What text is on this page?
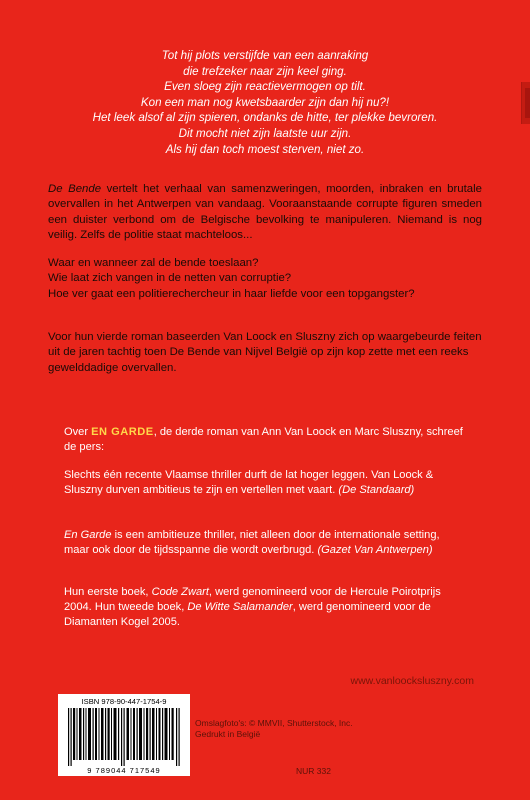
Tot hij plots verstijfde van een aanraking
die trefzeker naar zijn keel ging.
Even sloeg zijn reactievermogen op tilt.
Kon een man nog kwetsbaarder zijn dan hij nu?!
Het leek alsof al zijn spieren, ondanks de hitte, ter plekke bevroren.
Dit mocht niet zijn laatste uur zijn.
Als hij dan toch moest sterven, niet zo.
De Bende vertelt het verhaal van samenzweringen, moorden, inbraken en brutale overvallen in het Antwerpen van vandaag. Vooraanstaande corrupte figuren smeden een duister verbond om de Belgische bevolking te manipuleren. Niemand is nog veilig. Zelfs de politie staat machteloos...
Waar en wanneer zal de bende toeslaan?
Wie laat zich vangen in de netten van corruptie?
Hoe ver gaat een politierechercheur in haar liefde voor een topgangster?
Voor hun vierde roman baseerden Van Loock en Sluszny zich op waargebeurde feiten uit de jaren tachtig toen De Bende van Nijvel België op zijn kop zette met een reeks gewelddadige overvallen.
Over EN GARDE, de derde roman van Ann Van Loock en Marc Sluszny, schreef de pers:
Slechts één recente Vlaamse thriller durft de lat hoger leggen. Van Loock & Sluszny durven ambitieus te zijn en vertellen met vaart. (De Standaard)
En Garde is een ambitieuze thriller, niet alleen door de internationale setting, maar ook door de tijdsspanne die wordt overbrugd. (Gazet Van Antwerpen)
Hun eerste boek, Code Zwart, werd genomineerd voor de Hercule Poirotprijs 2004. Hun tweede boek, De Witte Salamander, werd genomineerd voor de Diamanten Kogel 2005.
www.vanloocksluszny.com
ISBN 978-90-447-1754-9
9 789044 717549
Omslagfoto's: © MMVII, Shutterstock, Inc.
Gedrukt in België
NUR 332
